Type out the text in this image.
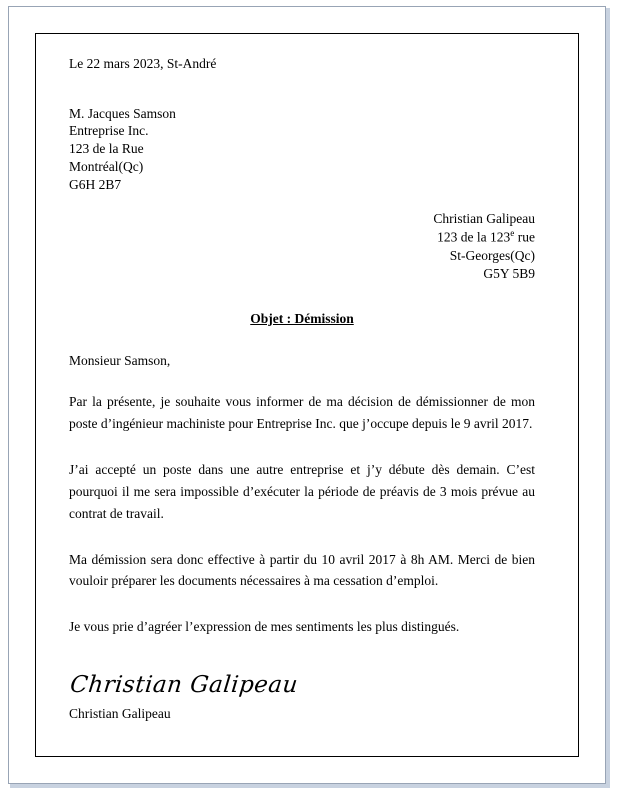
Le 22 mars 2023, St-André
M. Jacques Samson
Entreprise Inc.
123 de la Rue
Montréal(Qc)
G6H 2B7
Christian Galipeau
123 de la 123e rue
St-Georges(Qc)
G5Y 5B9
Objet : Démission
Monsieur Samson,
Par la présente, je souhaite vous informer de ma décision de démissionner de mon poste d’ingénieur machiniste pour Entreprise Inc. que j’occupe depuis le 9 avril 2017.
J’ai accepté un poste dans une autre entreprise et j’y débute dès demain. C’est pourquoi il me sera impossible d’exécuter la période de préavis de 3 mois prévue au contrat de travail.
Ma démission sera donc effective à partir du 10 avril 2017 à 8h AM. Merci de bien vouloir préparer les documents nécessaires à ma cessation d’emploi.
Je vous prie d’agréer l’expression de mes sentiments les plus distingués.
Christian Galipeau
Christian Galipeau
